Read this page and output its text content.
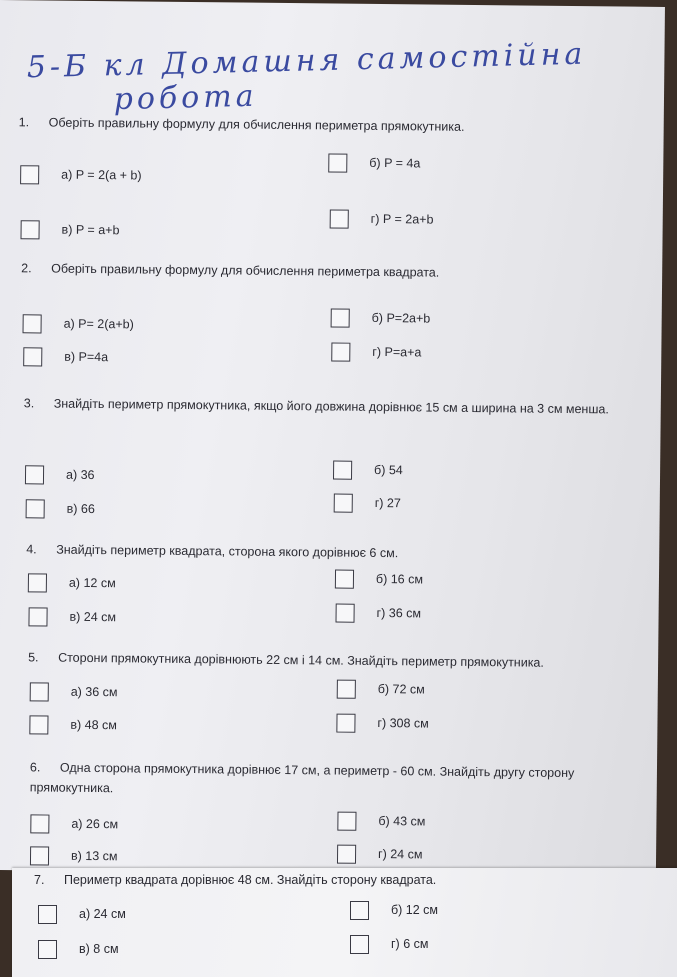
5-Б кл Домашня самостійна
робота
1. Оберіть правильну формулу для обчислення периметра прямокутника.
а) P = 2(a + b)
б) P = 4a
в) P = a+b
г) P = 2a+b
2. Оберіть правильну формулу для обчислення периметра квадрата.
а) P= 2(a+b)	б) P=2a+b
в) P=4a	г) P=a+a
3. Знайдіть периметр прямокутника, якщо його довжина дорівнює 15 см а ширина на 3 см менша.
а) 36	б) 54
в) 66	г) 27
4. Знайдіть периметр квадрата, сторона якого дорівнює 6 см.
а) 12 см	б) 16 см
в) 24 см	г) 36 см
5. Сторони прямокутника дорівнюють 22 см і 14 см. Знайдіть периметр прямокутника.
а) 36 см	б) 72 см
в) 48 см	г) 308 см
6. Одна сторона прямокутника дорівнює 17 см, а периметр - 60 см. Знайдіть другу сторону прямокутника.
а) 26 см	б) 43 см
в) 13 см	г) 24 см
7. Периметр квадрата дорівнює 48 см. Знайдіть сторону квадрата.
а) 24 см	б) 12 см
в) 8 см	г) 6 см
